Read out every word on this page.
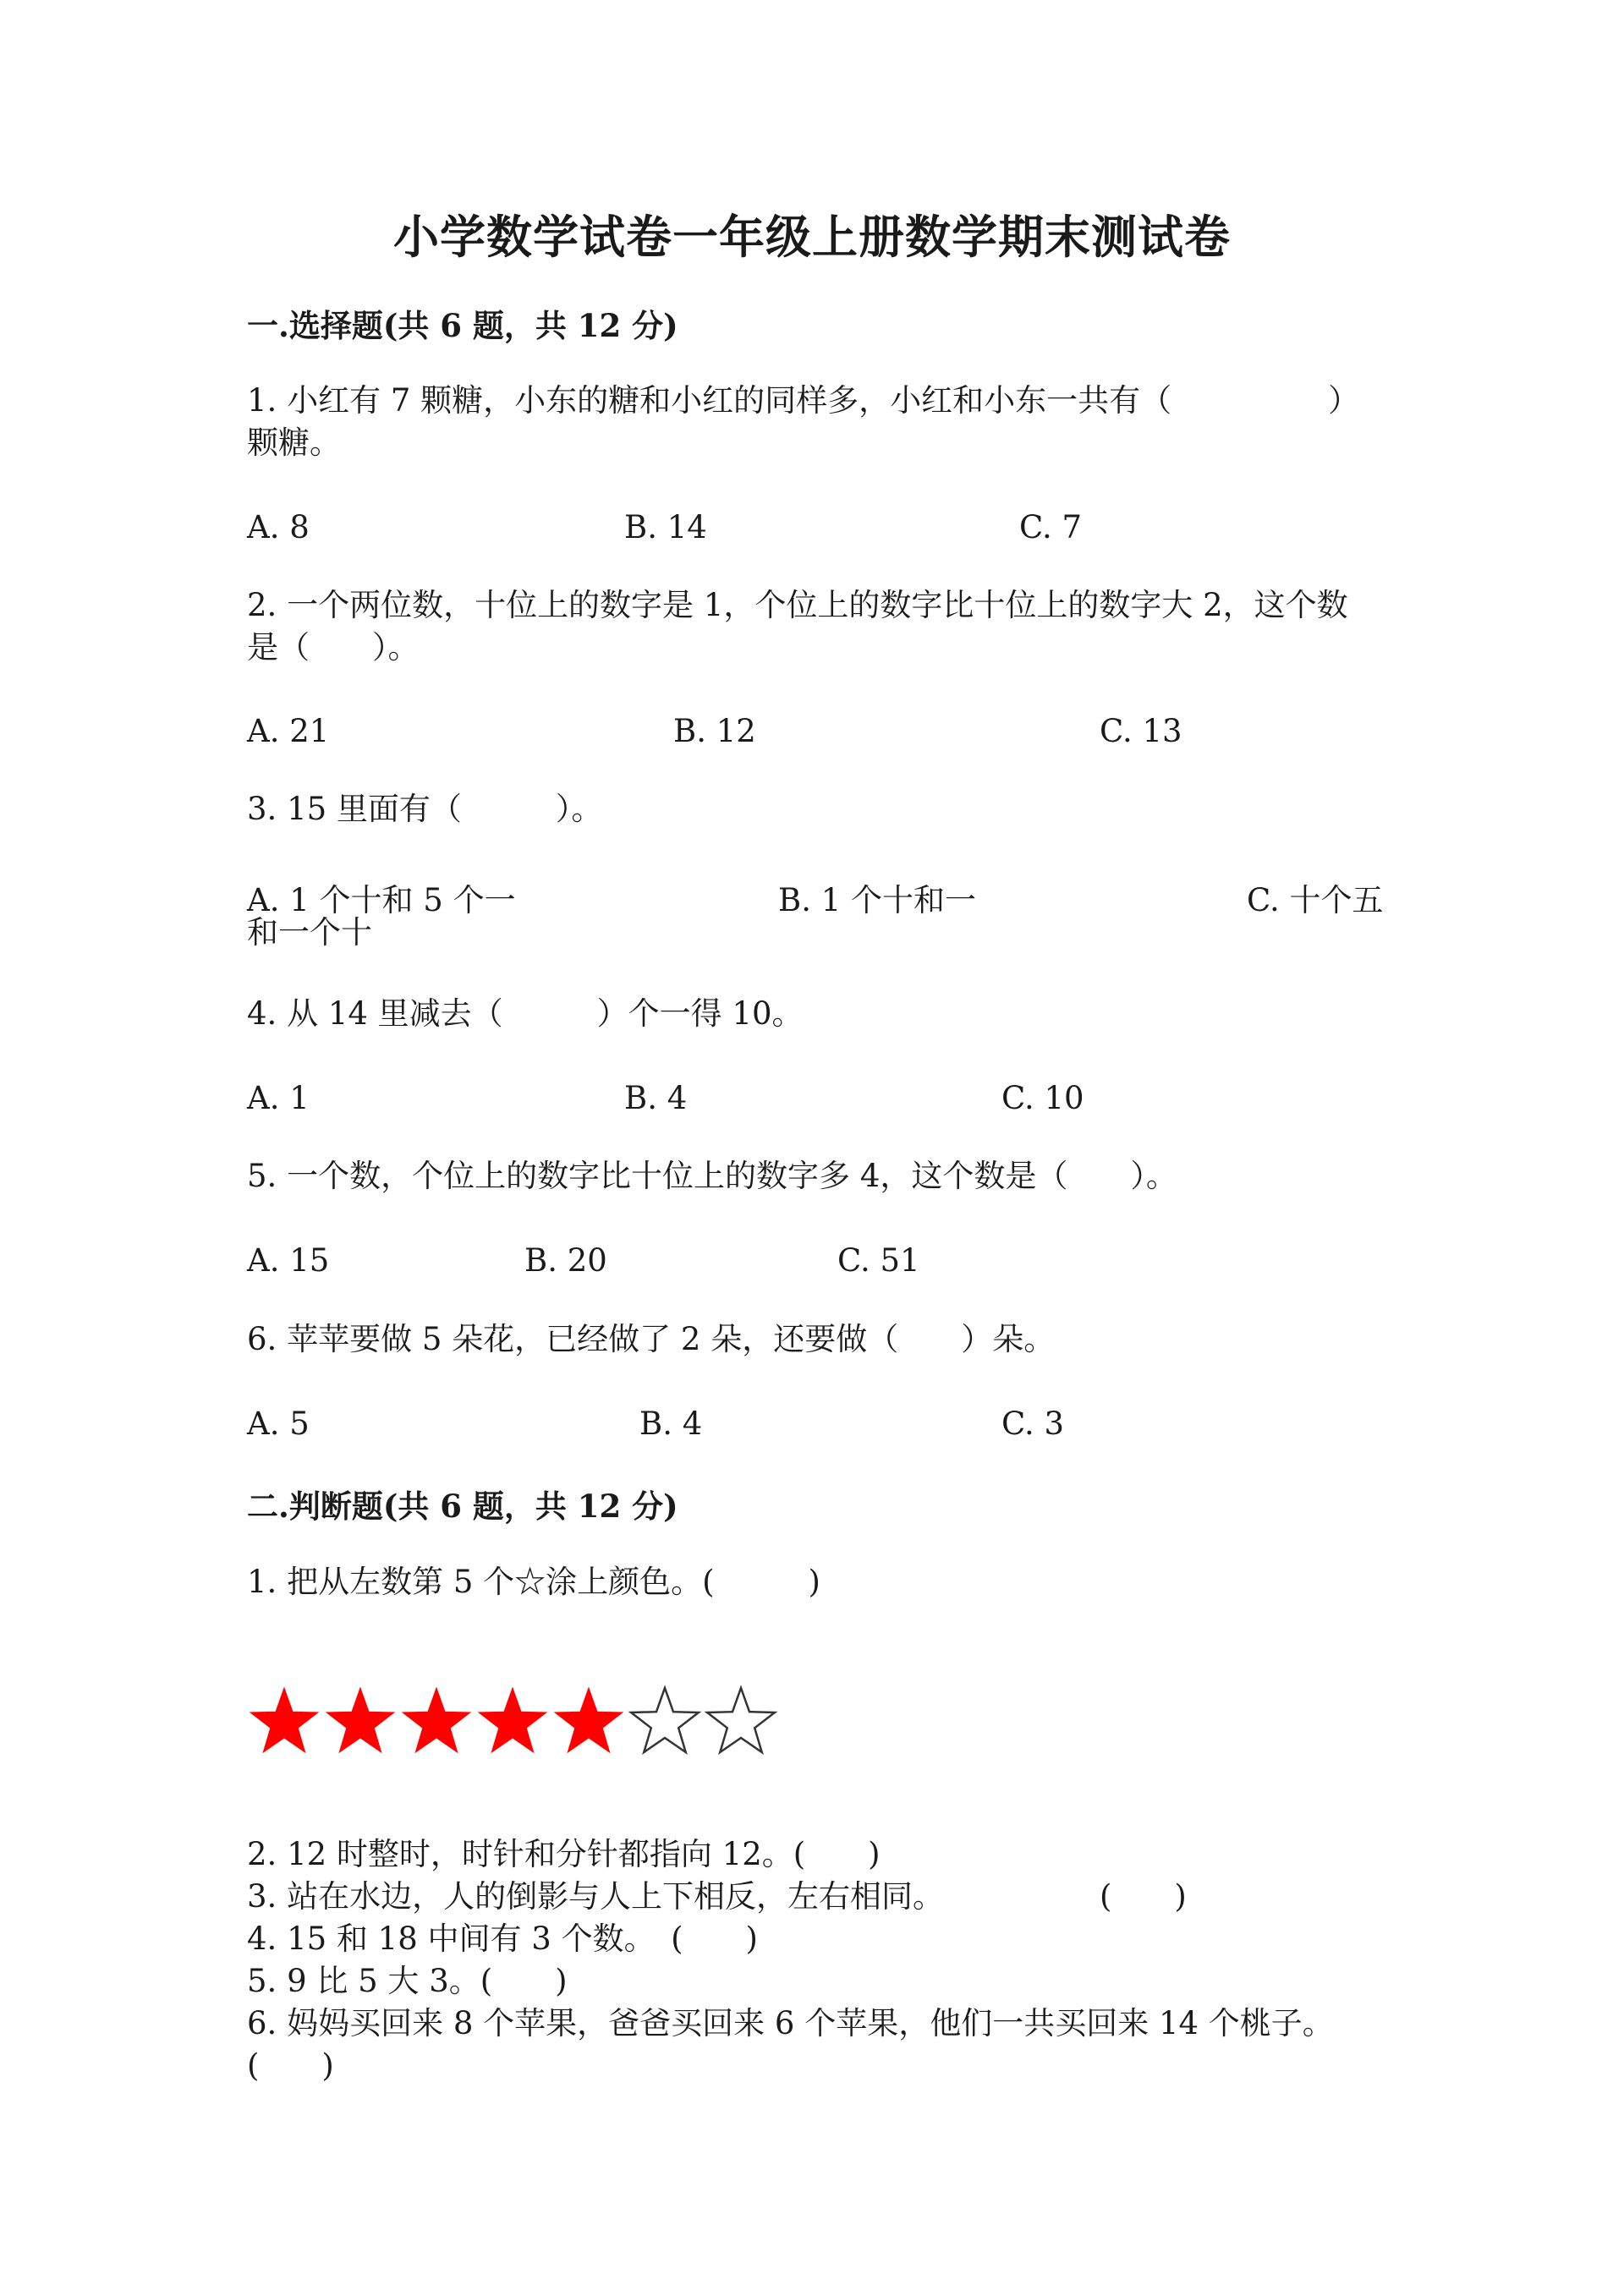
小学数学试卷一年级上册数学期末测试卷
一.选择题(共 6 题，共 12 分)
1. 小红有 7 颗糖，小东的糖和小红的同样多，小红和小东一共有（　　　　　）
颗糖。
A. 8	B. 14	C. 7
2. 一个两位数，十位上的数字是 1，个位上的数字比十位上的数字大 2，这个数
是（　　）。
A. 21	B. 12	C. 13
3. 15 里面有（　　　）。
A. 1 个十和 5 个一	B. 1 个十和一	C. 十个五
和一个十
4. 从 14 里减去（　　　）个一得 10。
A. 1	B. 4	C. 10
5. 一个数，个位上的数字比十位上的数字多 4，这个数是（　　）。
A. 15	B. 20	C. 51
6. 苹苹要做 5 朵花，已经做了 2 朵，还要做（　　）朵。
A. 5	B. 4	C. 3
二.判断题(共 6 题，共 12 分)
1. 把从左数第 5 个☆涂上颜色。(　　　)
2. 12 时整时，时针和分针都指向 12。(　　)
3. 站在水边，人的倒影与人上下相反，左右相同。	(　　)
4. 15 和 18 中间有 3 个数。　(　　)
5. 9 比 5 大 3。(　　)
6. 妈妈买回来 8 个苹果，爸爸买回来 6 个苹果，他们一共买回来 14 个桃子。
(　　)
